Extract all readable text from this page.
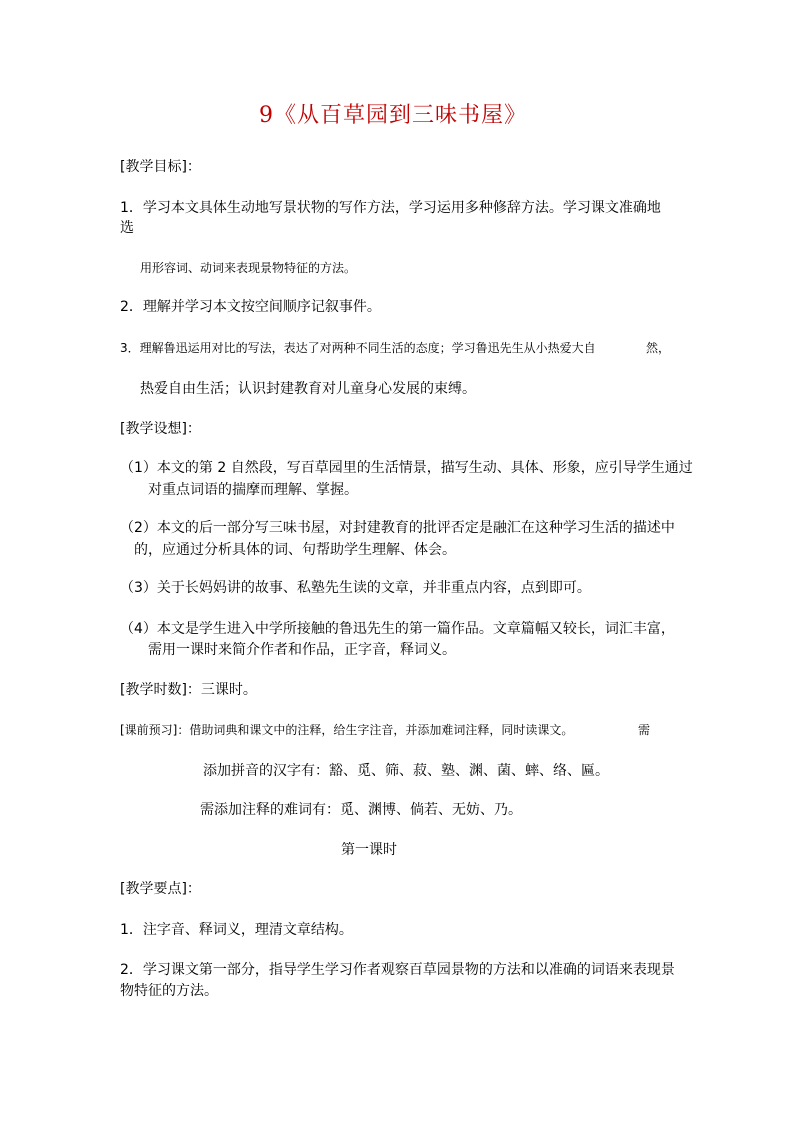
9《从百草园到三味书屋》
[教学目标]：
1．学习本文具体生动地写景状物的写作方法，学习运用多种修辞方法。学习课文准确地
选
用形容词、动词来表现景物特征的方法。
2．理解并学习本文按空间顺序记叙事件。
3．理解鲁迅运用对比的写法，表达了对两种不同生活的态度；学习鲁迅先生从小热爱大自	然，
热爱自由生活；认识封建教育对儿童身心发展的束缚。
[教学设想]：
（1）本文的第 2 自然段，写百草园里的生活情景，描写生动、具体、形象，应引导学生通过
对重点词语的揣摩而理解、掌握。
（2）本文的后一部分写三味书屋，对封建教育的批评否定是融汇在这种学习生活的描述中
的，应通过分析具体的词、句帮助学生理解、体会。
（3）关于长妈妈讲的故事、私塾先生读的文章，并非重点内容，点到即可。
（4）本文是学生进入中学所接触的鲁迅先生的第一篇作品。文章篇幅又较长，词汇丰富，
需用一课时来简介作者和作品，正字音，释词义。
[教学时数]：三课时。
[课前预习]：借助词典和课文中的注释，给生字注音，并添加难词注释，同时读课文。	需
添加拼音的汉字有：豁、觅、筛、菽、塾、渊、菌、蟀、络、匾。
需添加注释的难词有：觅、渊博、倘若、无妨、乃。
第一课时
[教学要点]：
1．注字音、释词义，理清文章结构。
2．学习课文第一部分，指导学生学习作者观察百草园景物的方法和以准确的词语来表现景
物特征的方法。
